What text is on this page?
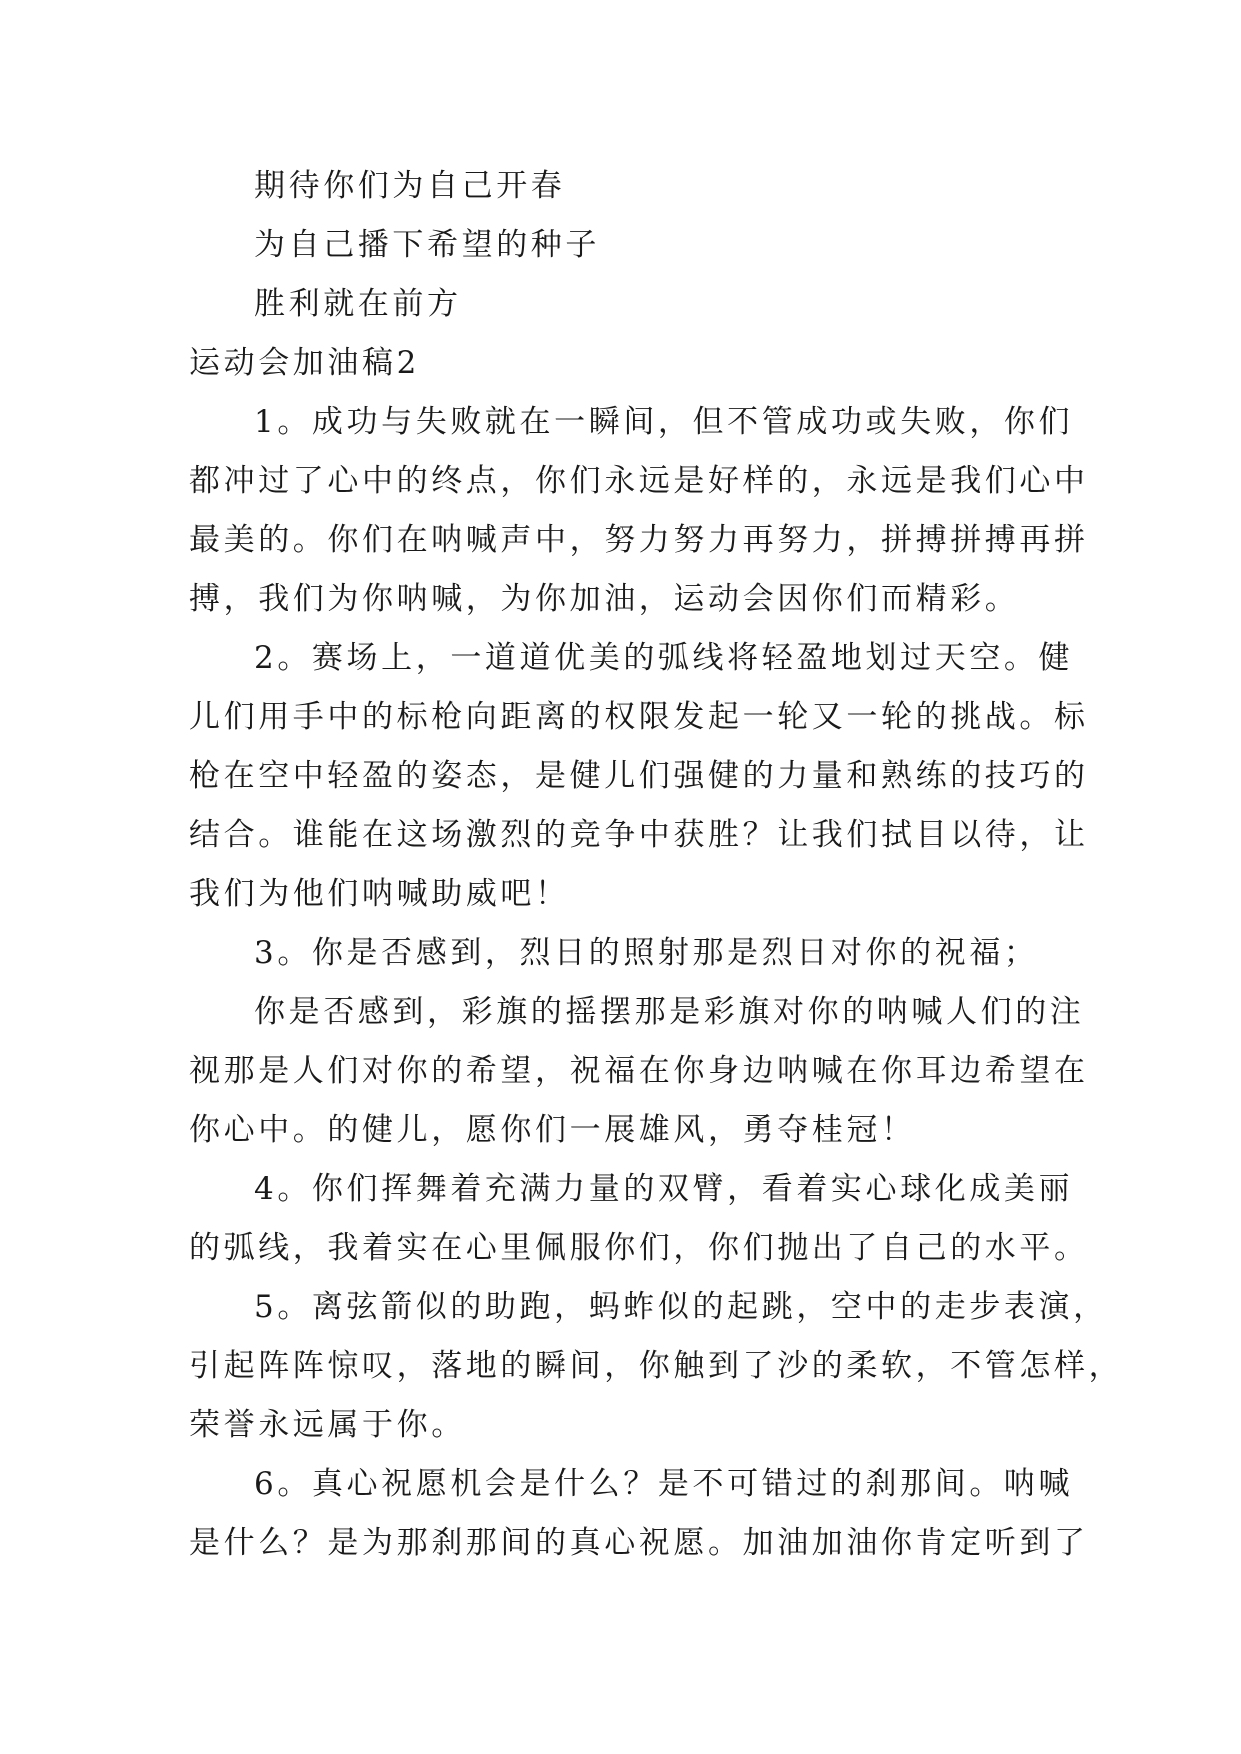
期待你们为自己开春
为自己播下希望的种子
胜利就在前方
运动会加油稿2
1。成功与失败就在一瞬间，但不管成功或失败，你们
都冲过了心中的终点，你们永远是好样的，永远是我们心中
最美的。你们在呐喊声中，努力努力再努力，拼搏拼搏再拼
搏，我们为你呐喊，为你加油，运动会因你们而精彩。
2。赛场上，一道道优美的弧线将轻盈地划过天空。健
儿们用手中的标枪向距离的权限发起一轮又一轮的挑战。标
枪在空中轻盈的姿态，是健儿们强健的力量和熟练的技巧的
结合。谁能在这场激烈的竞争中获胜？让我们拭目以待，让
我们为他们呐喊助威吧！
3。你是否感到，烈日的照射那是烈日对你的祝福；
你是否感到，彩旗的摇摆那是彩旗对你的呐喊人们的注
视那是人们对你的希望，祝福在你身边呐喊在你耳边希望在
你心中。的健儿，愿你们一展雄风，勇夺桂冠！
4。你们挥舞着充满力量的双臂，看着实心球化成美丽
的弧线，我着实在心里佩服你们，你们抛出了自己的水平。
5。离弦箭似的助跑，蚂蚱似的起跳，空中的走步表演，
引起阵阵惊叹，落地的瞬间，你触到了沙的柔软，不管怎样，
荣誉永远属于你。
6。真心祝愿机会是什么？是不可错过的刹那间。呐喊
是什么？是为那刹那间的真心祝愿。加油加油你肯定听到了
